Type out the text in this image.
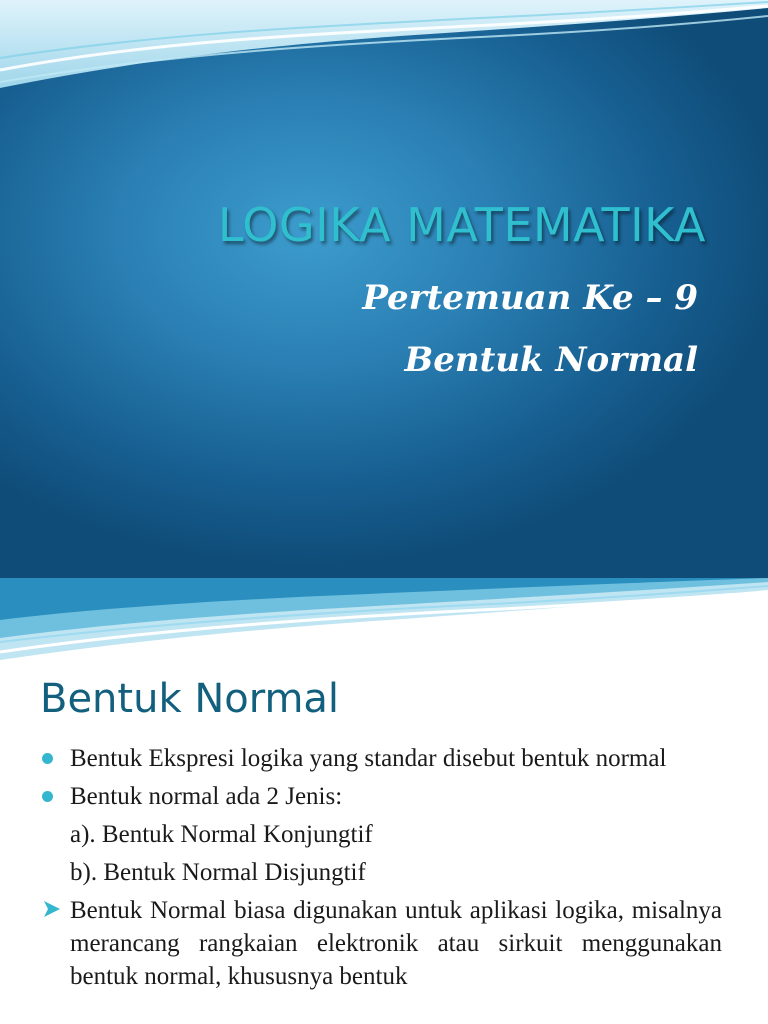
LOGIKA MATEMATIKA
Pertemuan Ke – 9
Bentuk Normal
Bentuk Normal
Bentuk Ekspresi logika yang standar disebut bentuk normal
Bentuk normal ada 2 Jenis:
a). Bentuk Normal Konjungtif
b). Bentuk Normal Disjungtif
Bentuk Normal biasa digunakan untuk aplikasi logika, misalnya merancang rangkaian elektronik atau sirkuit menggunakan bentuk normal, khususnya bentuk
